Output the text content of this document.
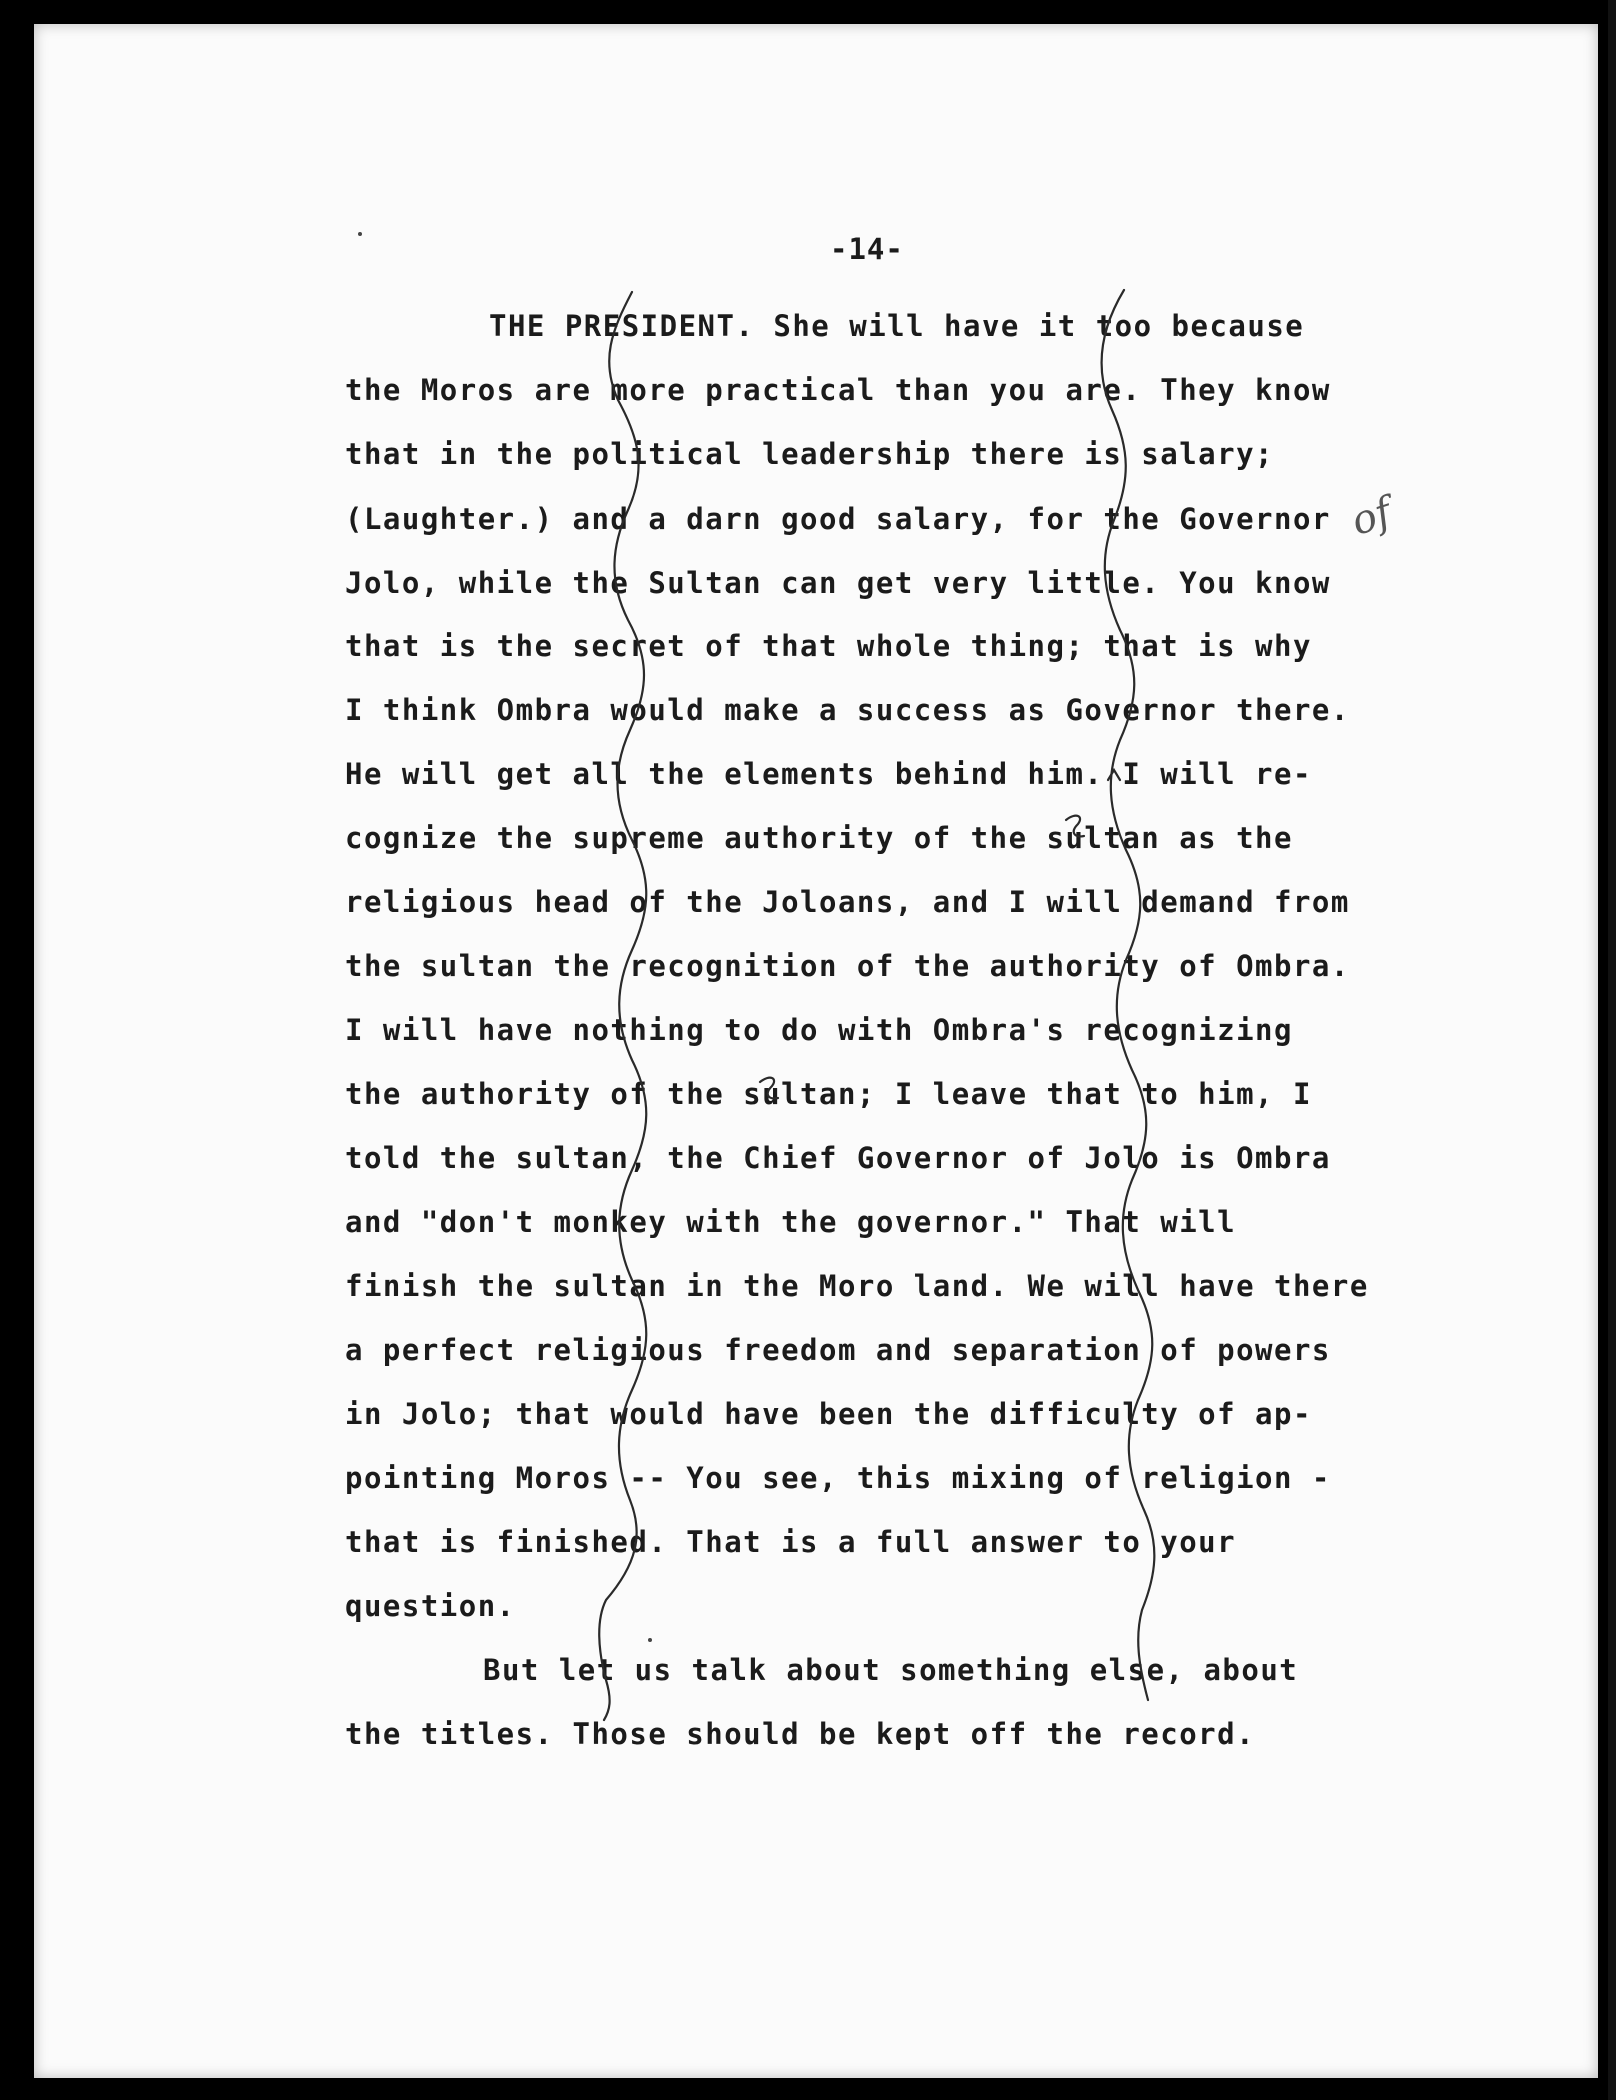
-14-
THE PRESIDENT. She will have it too because
the Moros are more practical than you are. They know
that in the political leadership there is salary;
(Laughter.) and a darn good salary, for the Governor
Jolo, while the Sultan can get very little. You know
that is the secret of that whole thing; that is why
I think Ombra would make a success as Governor there.
He will get all the elements behind him. I will re-
cognize the supreme authority of the sultan as the
religious head of the Joloans, and I will demand from
the sultan the recognition of the authority of Ombra.
I will have nothing to do with Ombra's recognizing
the authority of the sultan; I leave that to him, I
told the sultan, the Chief Governor of Jolo is Ombra
and "don't monkey with the governor." That will
finish the sultan in the Moro land. We will have there
a perfect religious freedom and separation of powers
in Jolo; that would have been the difficulty of ap-
pointing Moros -- You see, this mixing of religion -
that is finished. That is a full answer to your
question.
But let us talk about something else, about
the titles. Those should be kept off the record.
of
